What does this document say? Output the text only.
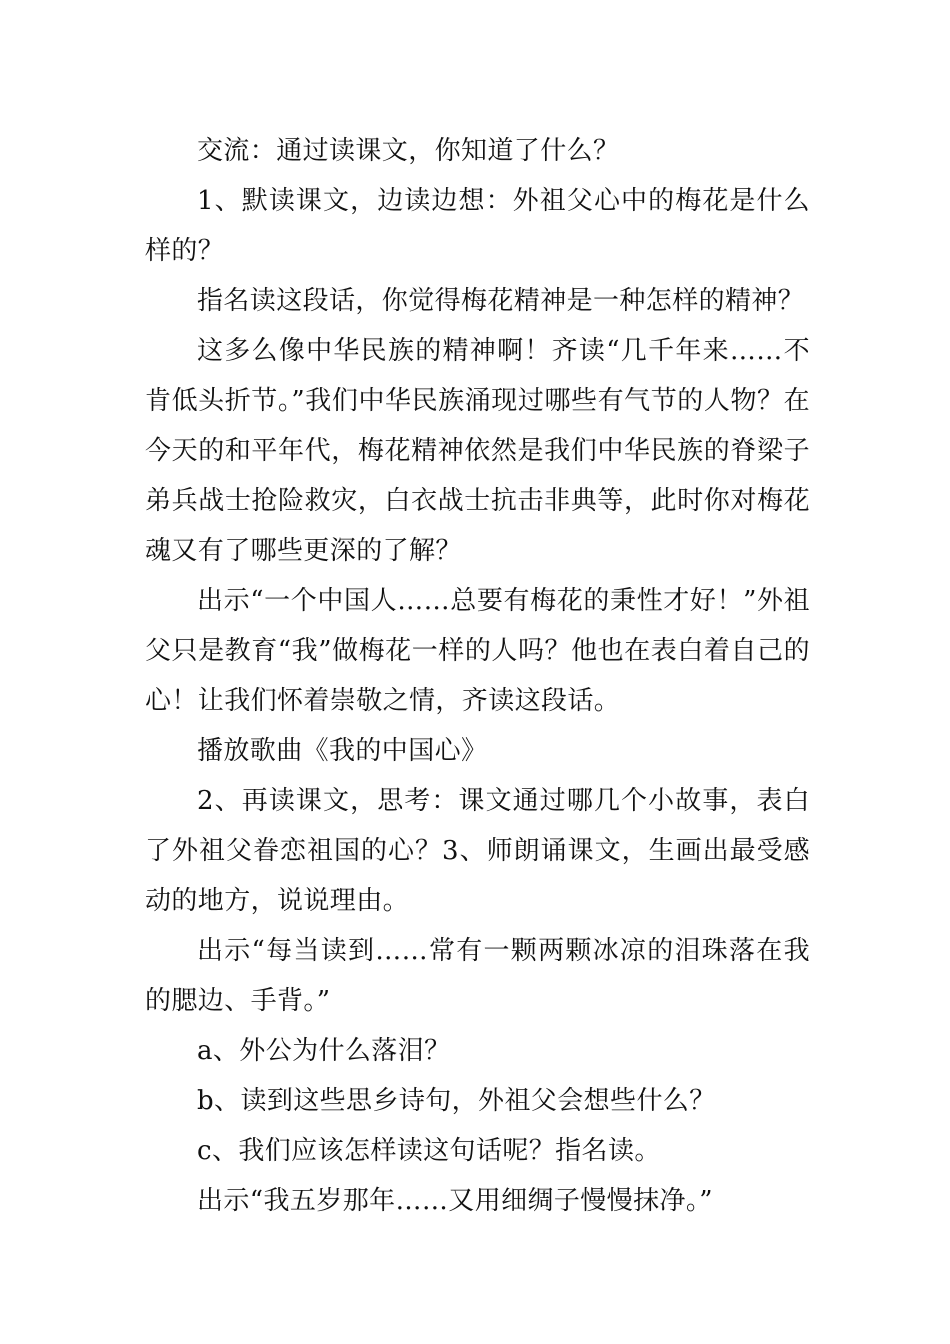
交流：通过读课文，你知道了什么？

1、默读课文，边读边想：外祖父心中的梅花是什么样的？

指名读这段话，你觉得梅花精神是一种怎样的精神？

这多么像中华民族的精神啊！齐读“几千年来……不肯低头折节。”我们中华民族涌现过哪些有气节的人物？在今天的和平年代，梅花精神依然是我们中华民族的脊梁子弟兵战士抢险救灾，白衣战士抗击非典等，此时你对梅花魂又有了哪些更深的了解？

出示“一个中国人……总要有梅花的秉性才好！”外祖父只是教育“我”做梅花一样的人吗？他也在表白着自己的心！让我们怀着崇敬之情，齐读这段话。

播放歌曲《我的中国心》

2、再读课文，思考：课文通过哪几个小故事，表白了外祖父眷恋祖国的心？3、师朗诵课文，生画出最受感动的地方，说说理由。

出示“每当读到……常有一颗两颗冰凉的泪珠落在我的腮边、手背。”

a、外公为什么落泪？

b、读到这些思乡诗句，外祖父会想些什么？

c、我们应该怎样读这句话呢？指名读。

出示“我五岁那年……又用细绸子慢慢抹净。”
